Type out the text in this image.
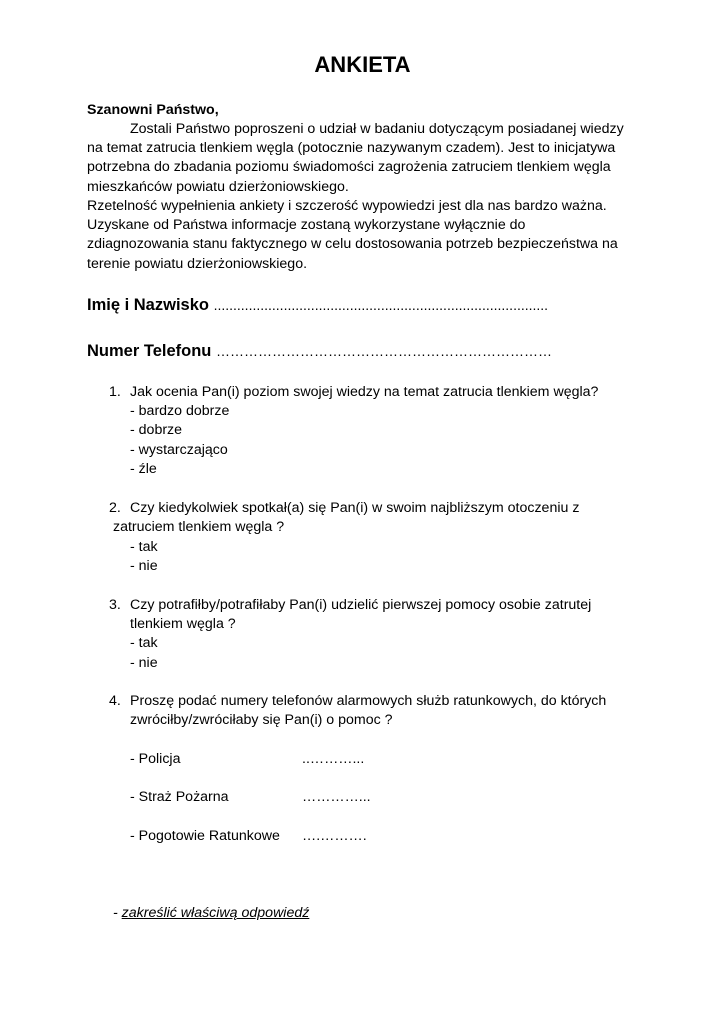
ANKIETA
Szanowni Państwo,
Zostali Państwo poproszeni o udział w badaniu dotyczącym posiadanej wiedzy
na temat zatrucia tlenkiem węgla (potocznie nazywanym czadem). Jest to inicjatywa
potrzebna do zbadania poziomu świadomości zagrożenia zatruciem tlenkiem węgla
mieszkańców powiatu dzierżoniowskiego.
Rzetelność wypełnienia ankiety i szczerość wypowiedzi jest dla nas bardzo ważna.
Uzyskane od Państwa informacje zostaną wykorzystane wyłącznie do
zdiagnozowania stanu faktycznego w celu dostosowania potrzeb bezpieczeństwa na
terenie powiatu dzierżoniowskiego.
Imię i Nazwisko ......................................................................................
Numer Telefonu ………………………………………………………………
1. Jak ocenia Pan(i) poziom swojej wiedzy na temat zatrucia tlenkiem węgla?
- bardzo dobrze
- dobrze
- wystarczająco
- źle
2. Czy kiedykolwiek spotkał(a) się Pan(i) w swoim najbliższym otoczeniu z
zatruciem tlenkiem węgla ?
- tak
- nie
3. Czy potrafiłby/potrafiłaby Pan(i) udzielić pierwszej pomocy osobie zatrutej
tlenkiem węgla ?
- tak
- nie
4. Proszę podać numery telefonów alarmowych służb ratunkowych, do których
zwróciłby/zwróciłaby się Pan(i) o pomoc ?
- Policja	..………...
- Straż Pożarna	…………...
- Pogotowie Ratunkowe ….……….
- zakreślić właściwą odpowiedź
